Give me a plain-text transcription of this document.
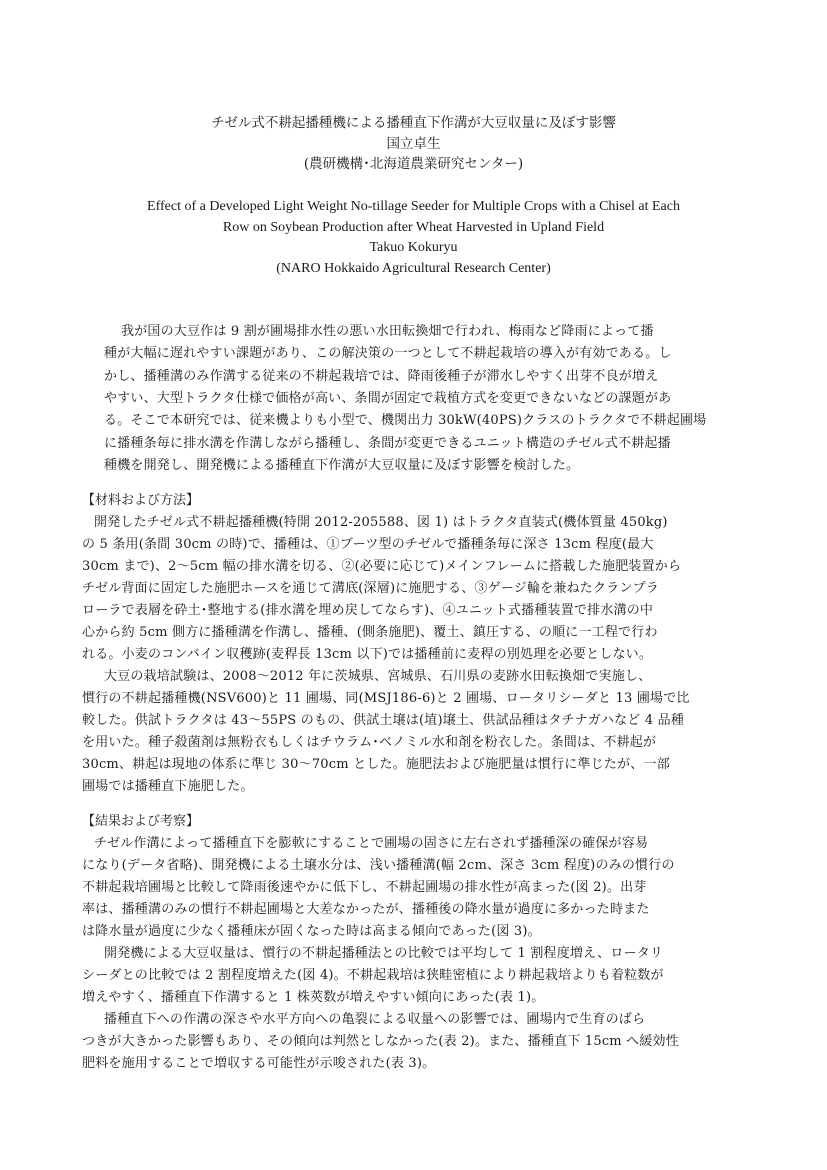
チゼル式不耕起播種機による播種直下作溝が大豆収量に及ぼす影響
国立卓生
(農研機構･北海道農業研究センター)
Effect of a Developed Light Weight No-tillage Seeder for Multiple Crops with a Chisel at Each
Row on Soybean Production after Wheat Harvested in Upland Field
Takuo Kokuryu
(NARO Hokkaido Agricultural Research Center)
我が国の大豆作は 9 割が圃場排水性の悪い水田転換畑で行われ、梅雨など降雨によって播
種が大幅に遅れやすい課題があり、この解決策の一つとして不耕起栽培の導入が有効である。し
かし、播種溝のみ作溝する従来の不耕起栽培では、降雨後種子が滞水しやすく出芽不良が増え
やすい、大型トラクタ仕様で価格が高い、条間が固定で栽植方式を変更できないなどの課題があ
る。そこで本研究では、従来機よりも小型で、機関出力 30kW(40PS)クラスのトラクタで不耕起圃場
に播種条毎に排水溝を作溝しながら播種し、条間が変更できるユニット構造のチゼル式不耕起播
種機を開発し、開発機による播種直下作溝が大豆収量に及ぼす影響を検討した。
【材料および方法】
開発したチゼル式不耕起播種機(特開 2012-205588、図 1) はトラクタ直装式(機体質量 450kg)
の 5 条用(条間 30cm の時)で、播種は、①ブーツ型のチゼルで播種条毎に深さ 13cm 程度(最大
30cm まで)、2～5cm 幅の排水溝を切る、②(必要に応じて)メインフレームに搭載した施肥装置から
チゼル背面に固定した施肥ホースを通じて溝底(深層)に施肥する、③ゲージ輪を兼ねたクランプラ
ローラで表層を砕土･整地する(排水溝を埋め戻してならす)、④ユニット式播種装置で排水溝の中
心から約 5cm 側方に播種溝を作溝し、播種、(側条施肥)、覆土、鎮圧する、の順に一工程で行わ
れる。小麦のコンバイン収穫跡(麦稈長 13cm 以下)では播種前に麦稈の別処理を必要としない。
大豆の栽培試験は、2008～2012 年に茨城県、宮城県、石川県の麦跡水田転換畑で実施し、
慣行の不耕起播種機(NSV600)と 11 圃場、同(MSJ186-6)と 2 圃場、ロータリシーダと 13 圃場で比
較した。供試トラクタは 43～55PS のもの、供試土壌は(埴)壌土、供試品種はタチナガハなど 4 品種
を用いた。種子殺菌剤は無粉衣もしくはチウラム･ベノミル水和剤を粉衣した。条間は、不耕起が
30cm、耕起は現地の体系に準じ 30～70cm とした。施肥法および施肥量は慣行に準じたが、一部
圃場では播種直下施肥した。
【結果および考察】
チゼル作溝によって播種直下を膨軟にすることで圃場の固さに左右されず播種深の確保が容易
になり(データ省略)、開発機による土壌水分は、浅い播種溝(幅 2cm、深さ 3cm 程度)のみの慣行の
不耕起栽培圃場と比較して降雨後速やかに低下し、不耕起圃場の排水性が高まった(図 2)。出芽
率は、播種溝のみの慣行不耕起圃場と大差なかったが、播種後の降水量が過度に多かった時また
は降水量が過度に少なく播種床が固くなった時は高まる傾向であった(図 3)。
開発機による大豆収量は、慣行の不耕起播種法との比較では平均して 1 割程度増え、ロータリ
シーダとの比較では 2 割程度増えた(図 4)。不耕起栽培は狭畦密植により耕起栽培よりも着粒数が
増えやすく、播種直下作溝すると 1 株莢数が増えやすい傾向にあった(表 1)。
播種直下への作溝の深さや水平方向への亀裂による収量への影響では、圃場内で生育のばら
つきが大きかった影響もあり、その傾向は判然としなかった(表 2)。また、播種直下 15cm へ緩効性
肥料を施用することで増収する可能性が示唆された(表 3)。
